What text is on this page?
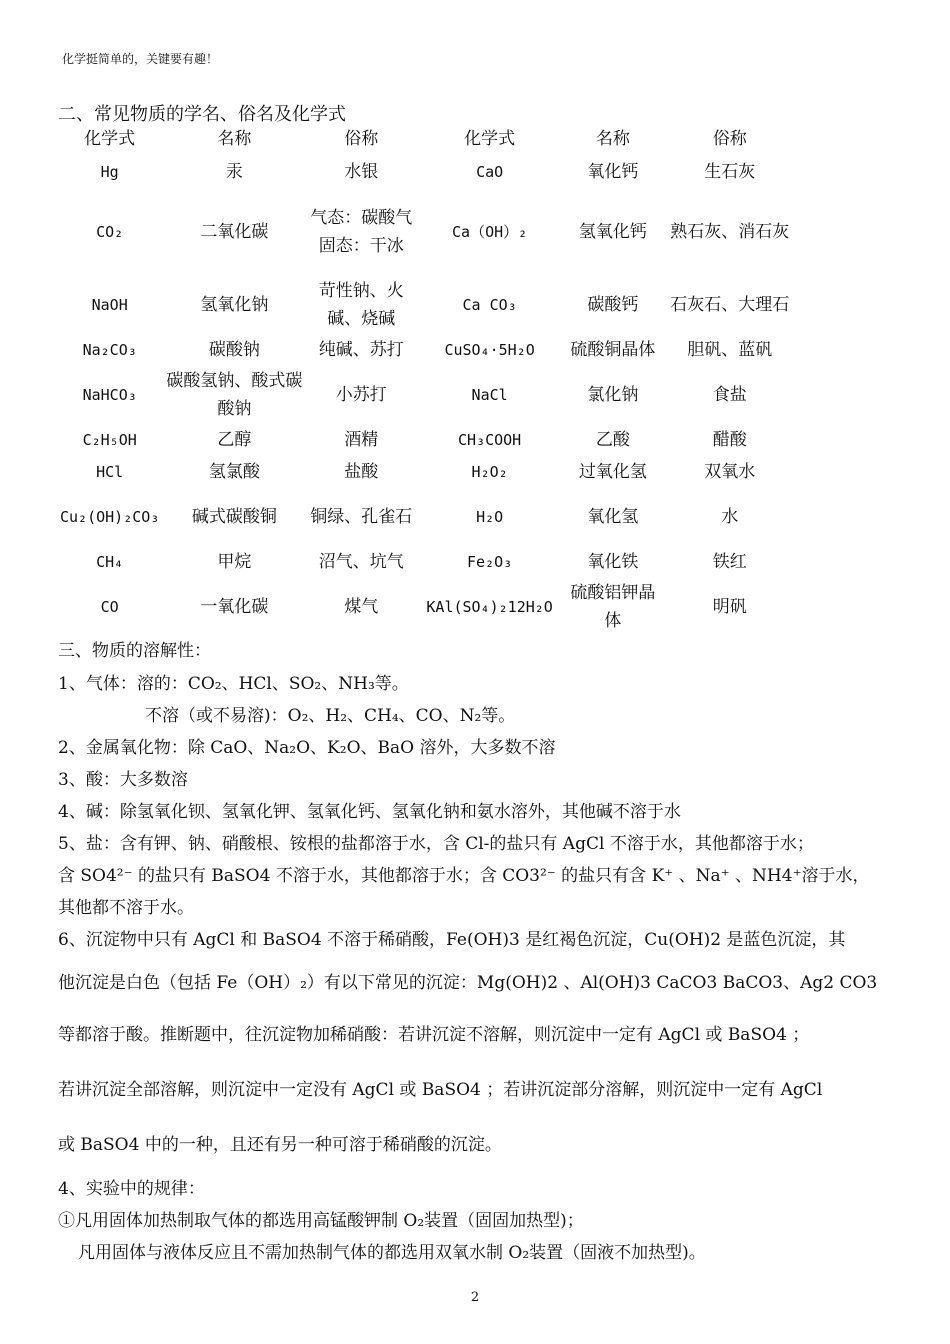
化学挺简单的，关键要有趣！
二、常见物质的学名、俗名及化学式
化学式	名称	俗称	化学式	名称	俗称
Hg	汞	水银	CaO	氧化钙	生石灰
CO₂	二氧化碳	气态：碳酸气 固态：干冰	Ca（OH）₂	氢氧化钙	熟石灰、消石灰
NaOH	氢氧化钠	苛性钠、火碱、烧碱	Ca CO₃	碳酸钙	石灰石、大理石
Na₂CO₃	碳酸钠	纯碱、苏打	CuSO₄·5H₂O	硫酸铜晶体	胆矾、蓝矾
NaHCO₃	碳酸氢钠、酸式碳酸钠	小苏打	NaCl	氯化钠	食盐
C₂H₅OH	乙醇	酒精	CH₃COOH	乙酸	醋酸
HCl	氢氯酸	盐酸	H₂O₂	过氧化氢	双氧水
Cu₂(OH)₂CO₃	碱式碳酸铜	铜绿、孔雀石	H₂O	氧化氢	水
CH₄	甲烷	沼气、坑气	Fe₂O₃	氧化铁	铁红
CO	一氧化碳	煤气	KAl(SO₄)₂12H₂O	硫酸铝钾晶体	明矾
三、物质的溶解性：
1、气体：溶的：CO₂、HCl、SO₂、NH₃等。
不溶（或不易溶)：O₂、H₂、CH₄、CO、N₂等。
2、金属氧化物：除 CaO、Na₂O、K₂O、BaO 溶外，大多数不溶
3、酸：大多数溶
4、碱：除氢氧化钡、氢氧化钾、氢氧化钙、氢氧化钠和氨水溶外，其他碱不溶于水
5、盐：含有钾、钠、硝酸根、铵根的盐都溶于水，含 Cl-的盐只有 AgCl 不溶于水，其他都溶于水；
含 SO4²⁻ 的盐只有 BaSO4 不溶于水，其他都溶于水；含 CO3²⁻ 的盐只有含 K⁺ 、Na⁺ 、NH4⁺溶于水，
其他都不溶于水。
6、沉淀物中只有 AgCl 和 BaSO4 不溶于稀硝酸，Fe(OH)3 是红褐色沉淀，Cu(OH)2 是蓝色沉淀，其
他沉淀是白色（包括 Fe（OH）₂）有以下常见的沉淀：Mg(OH)2 、Al(OH)3 CaCO3 BaCO3、Ag2 CO3
等都溶于酸。推断题中，往沉淀物加稀硝酸：若讲沉淀不溶解，则沉淀中一定有 AgCl 或 BaSO4 ；
若讲沉淀全部溶解，则沉淀中一定没有 AgCl 或 BaSO4 ；若讲沉淀部分溶解，则沉淀中一定有 AgCl
或 BaSO4 中的一种，且还有另一种可溶于稀硝酸的沉淀。
4、实验中的规律：
①凡用固体加热制取气体的都选用高锰酸钾制 O₂装置（固固加热型)；
凡用固体与液体反应且不需加热制气体的都选用双氧水制 O₂装置（固液不加热型)。
2
